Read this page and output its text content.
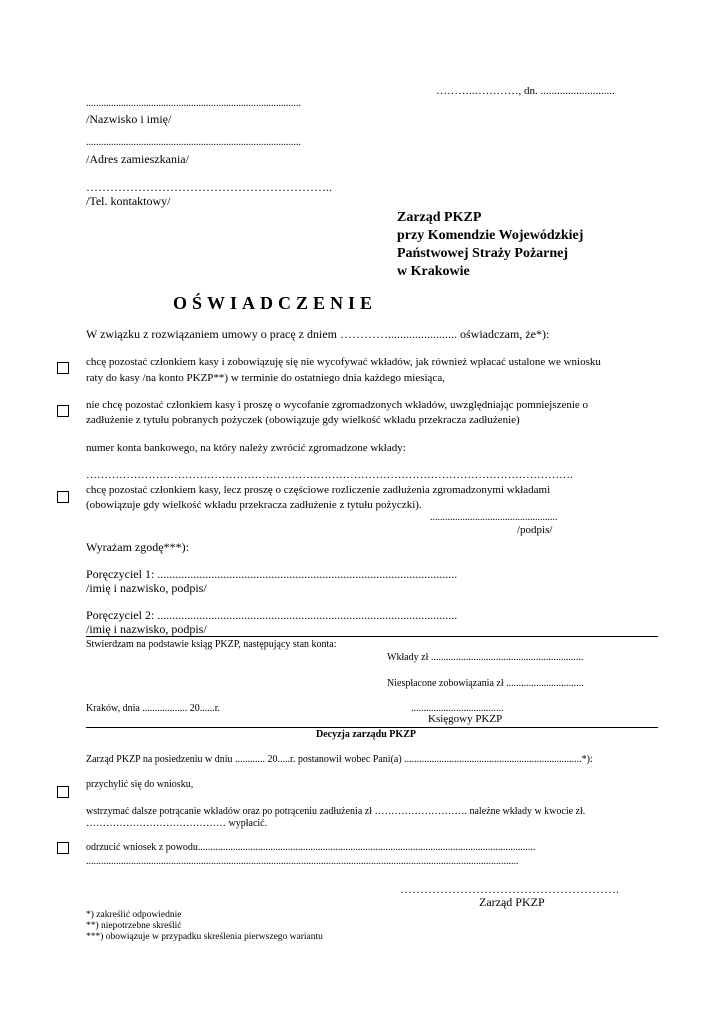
………..…………, dn. ...........................
......................................................................................
/Nazwisko i imię/
......................................................................................
/Adres zamieszkania/
……………………………………………………..
/Tel. kontaktowy/
Zarząd PKZP
przy Komendzie Wojewódzkiej
Państwowej Straży Pożarnej
w Krakowie
OŚWIADCZENIE
W związku z rozwiązaniem umowy o pracę z dniem …………....................... oświadczam, że*):
chcę pozostać członkiem kasy i zobowiązuję się nie wycofywać wkładów, jak również wpłacać ustalone we wniosku
raty do kasy /na konto PKZP**) w terminie do ostatniego dnia każdego miesiąca,
nie chcę pozostać członkiem kasy i proszę o wycofanie zgromadzonych wkładów, uwzględniając pomniejszenie o
zadłużenie z tytułu pobranych pożyczek (obowiązuje gdy wielkość wkładu przekracza zadłużenie)
numer konta bankowego, na który należy zwrócić zgromadzone wkłady:
…………………………………………………………………………………………………………………….
chcę pozostać członkiem kasy, lecz proszę o częściowe rozliczenie zadłużenia zgromadzonymi wkładami
(obowiązuje gdy wielkość wkładu przekracza zadłużenie z tytułu pożyczki).
...................................................
/podpis/
Wyrażam zgodę***):
Poręczyciel 1: ....................................................................................................
/imię i nazwisko, podpis/
Poręczyciel 2: ....................................................................................................
/imię i nazwisko, podpis/
Stwierdzam na podstawie ksiąg PKZP, następujący stan konta:
Wkłady zł .............................................................
Niespłacone zobowiązania zł ...............................
Kraków, dnia .................. 20......r.	.....................................
Księgowy PKZP
Decyzja zarządu PKZP
Zarząd PKZP na posiedzeniu w dniu ............ 20.....r. postanowił wobec Pani(a) .......................................................................*):
przychylić się do wniosku,
wstrzymać dalsze potrącanie wkładów oraz po potrąceniu zadłużenia zł ………………………. należne wkłady w kwocie zł.
…………………………………… wypłacić.
odrzucić wniosek z powodu.......................................................................................................................................
.............................................................................................................................................................................
……………………………………………….
Zarząd PKZP
*) zakreślić odpowiednie
**) niepotrzebne skreślić
***) obowiązuje w przypadku skreślenia pierwszego wariantu
